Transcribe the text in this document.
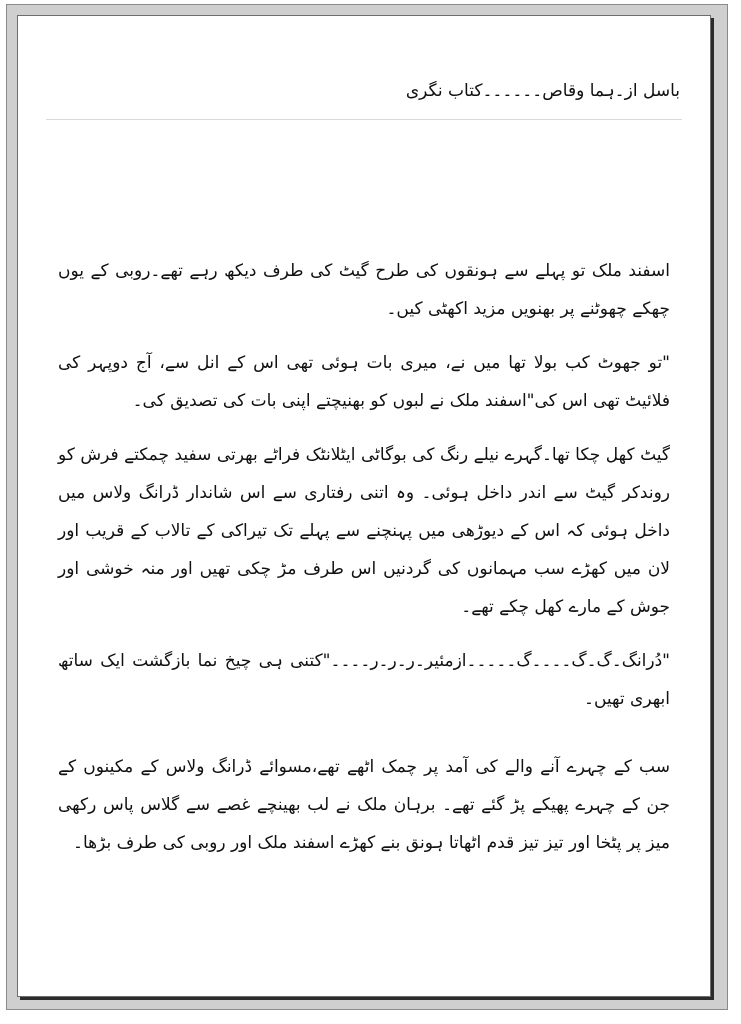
باسل از۔ہما وقاص۔۔۔۔۔۔کتاب نگری

اسفند ملک تو پہلے سے ہونقوں کی طرح گیٹ کی طرف دیکھ رہے تھے۔روبی کے یوں چھکے چھوٹنے پر بھنویں مزید اکھٹی کیں۔

"تو جھوٹ کب بولا تھا میں نے، میری بات ہوئی تھی اس کے انل سے، آج دوپہر کی فلائیٹ تھی اس کی"اسفند ملک نے لبوں کو بھنیچتے اپنی بات کی تصدیق کی۔

گیٹ کھل چکا تھا۔گہرے نیلے رنگ کی بوگاٹی ایٹلانٹک فراٹے بھرتی سفید چمکتے فرش کو روندکر گیٹ سے اندر داخل ہوئی۔ وہ اتنی رفتاری سے اس شاندار ڈرانگ ولاس میں داخل ہوئی کہ اس کے دیوڑھی میں پہنچنے سے پہلے تک تیراکی کے تالاب کے قریب اور لان میں کھڑے سب مہمانوں کی گردنیں اس طرف مڑ چکی تھیں اور منہ خوشی اور جوش کے مارے کھل چکے تھے۔

"دُرانگ۔گ۔گ۔۔۔۔گ۔۔۔۔۔ازمئیر۔ر۔ر۔ر۔۔۔۔"کتنی ہی چیخ نما بازگشت ایک ساتھ ابھری تھیں۔

سب کے چہرے آنے والے کی آمد پر چمک اٹھے تھے،مسوائے ڈرانگ ولاس کے مکینوں کے جن کے چہرے پھیکے پڑ گئے تھے۔ برہان ملک نے لب بھینچے غصے سے گلاس پاس رکھی میز پر پٹخا اور تیز تیز قدم اٹھاتا ہونق بنے کھڑے اسفند ملک اور روبی کی طرف بڑھا۔
